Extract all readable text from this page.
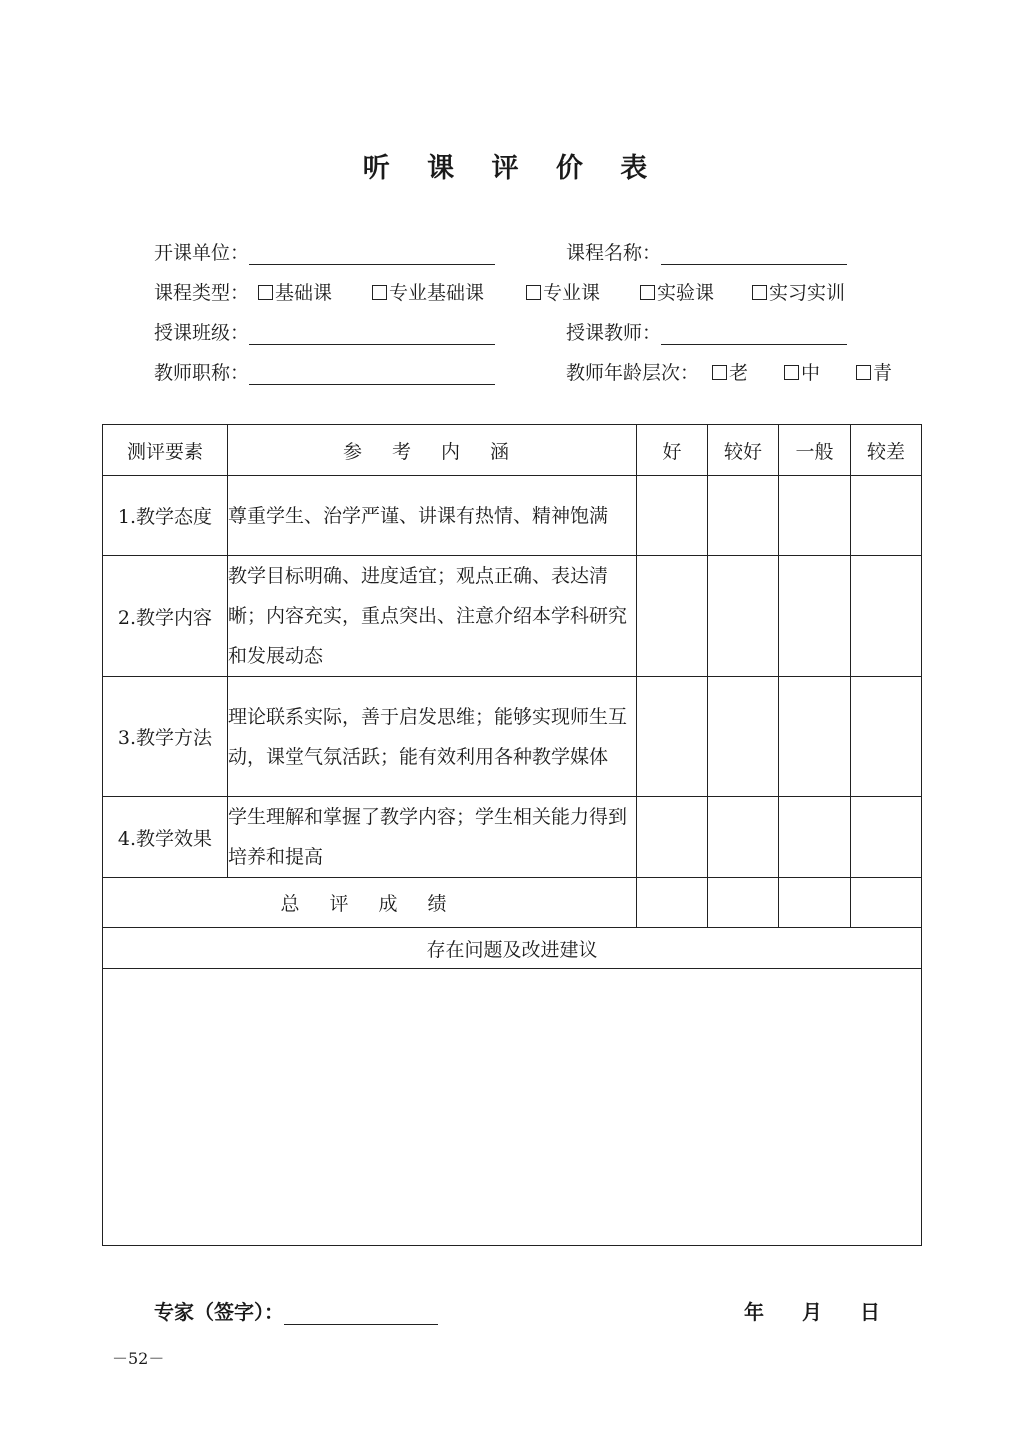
听 课 评 价 表
开课单位：	课程名称：
课程类型：	基础课	专业基础课	专业课	实验课	实习实训
授课班级：	授课教师：
教师职称：	教师年龄层次：	老	中	青
测评要素	参 考 内 涵	好	较好	一般	较差
1.教学态度	尊重学生、治学严谨、讲课有热情、精神饱满				
2.教学内容	教学目标明确、进度适宜；观点正确、表达清晰；内容充实，重点突出、注意介绍本学科研究和发展动态				
3.教学方法	理论联系实际，善于启发思维；能够实现师生互动，课堂气氛活跃；能有效利用各种教学媒体				
4.教学效果	学生理解和掌握了教学内容；学生相关能力得到培养和提高				
总 评 成 绩					
存在问题及改进建议					

专家（签字）：	年 月 日
－52－
